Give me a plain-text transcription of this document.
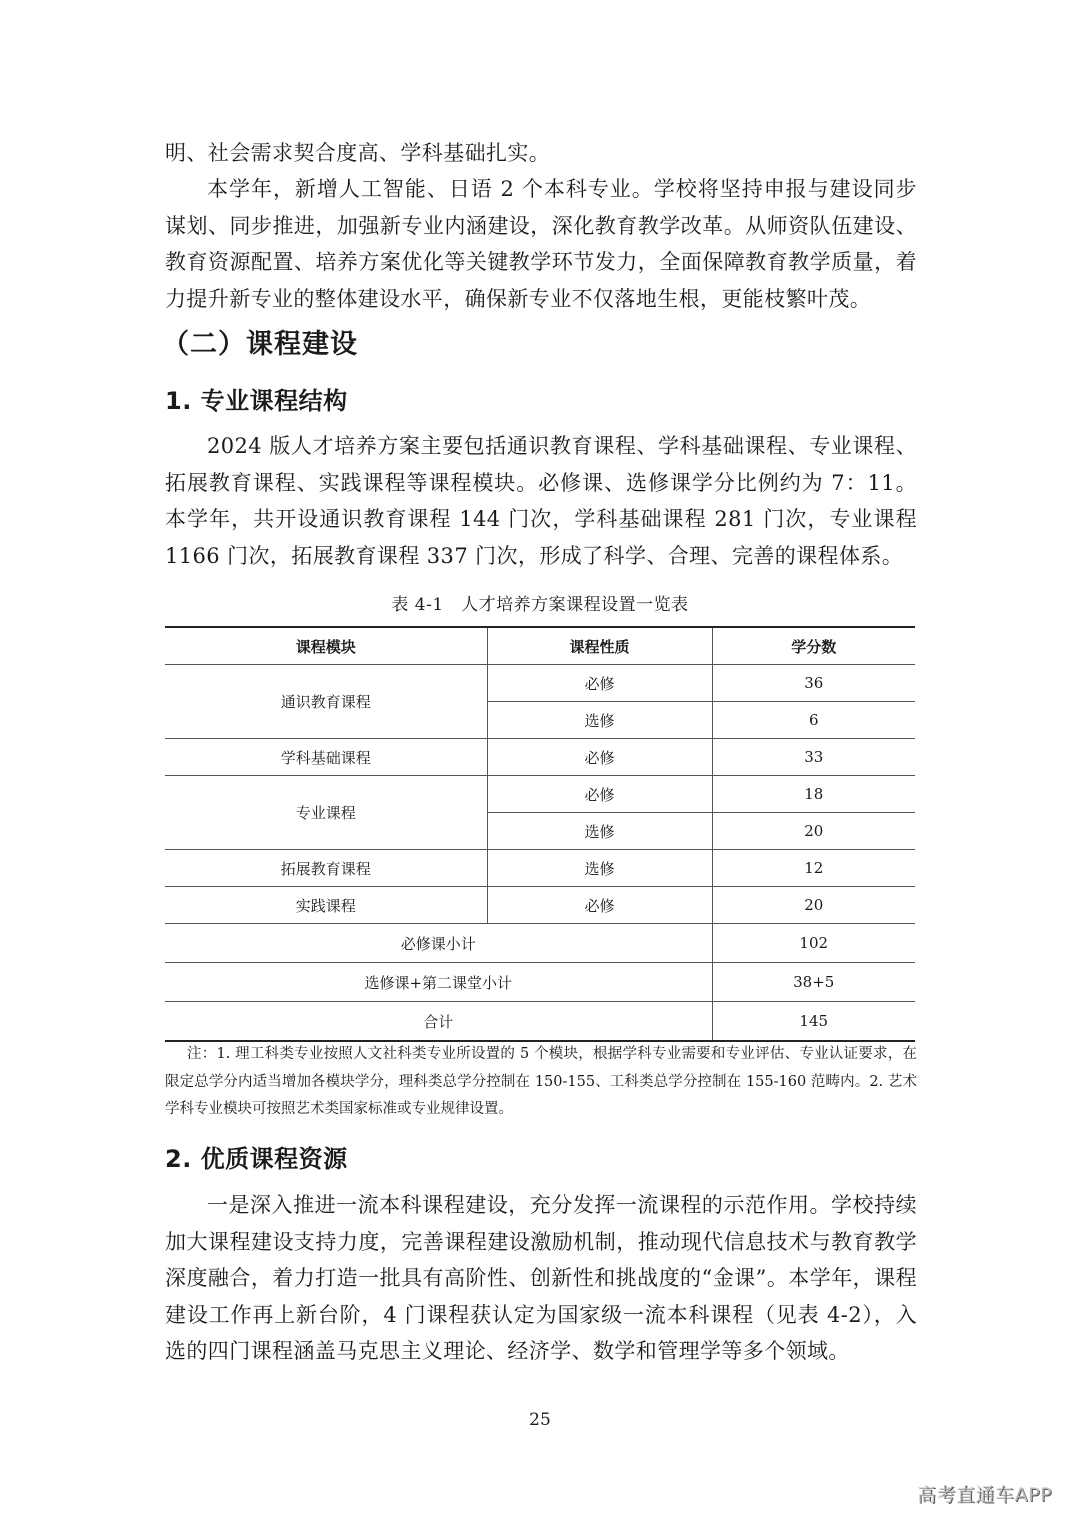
明、社会需求契合度高、学科基础扎实。

本学年，新增人工智能、日语 2 个本科专业。学校将坚持申报与建设同步谋划、同步推进，加强新专业内涵建设，深化教育教学改革。从师资队伍建设、教育资源配置、培养方案优化等关键教学环节发力，全面保障教育教学质量，着力提升新专业的整体建设水平，确保新专业不仅落地生根，更能枝繁叶茂。

（二）课程建设
1. 专业课程结构

2024 版人才培养方案主要包括通识教育课程、学科基础课程、专业课程、拓展教育课程、实践课程等课程模块。必修课、选修课学分比例约为 7：11。本学年，共开设通识教育课程 144 门次，学科基础课程 281 门次，专业课程 1166 门次，拓展教育课程 337 门次，形成了科学、合理、完善的课程体系。

表 4-1　人才培养方案课程设置一览表
课程模块	课程性质	学分数
通识教育课程	必修	36
	选修	6
学科基础课程	必修	33
专业课程	必修	18
	选修	20
拓展教育课程	选修	12
实践课程	必修	20
必修课小计		102
选修课+第二课堂小计		38+5
合计		145

注：1. 理工科类专业按照人文社科类专业所设置的 5 个模块，根据学科专业需要和专业评估、专业认证要求，在限定总学分内适当增加各模块学分，理科类总学分控制在 150-155、工科类总学分控制在 155-160 范畴内。2. 艺术学科专业模块可按照艺术类国家标准或专业规律设置。

2. 优质课程资源

一是深入推进一流本科课程建设，充分发挥一流课程的示范作用。学校持续加大课程建设支持力度，完善课程建设激励机制，推动现代信息技术与教育教学深度融合，着力打造一批具有高阶性、创新性和挑战度的“金课”。本学年，课程建设工作再上新台阶，4 门课程获认定为国家级一流本科课程（见表 4-2），入选的四门课程涵盖马克思主义理论、经济学、数学和管理学等多个领域。

25
高考直通车APP
